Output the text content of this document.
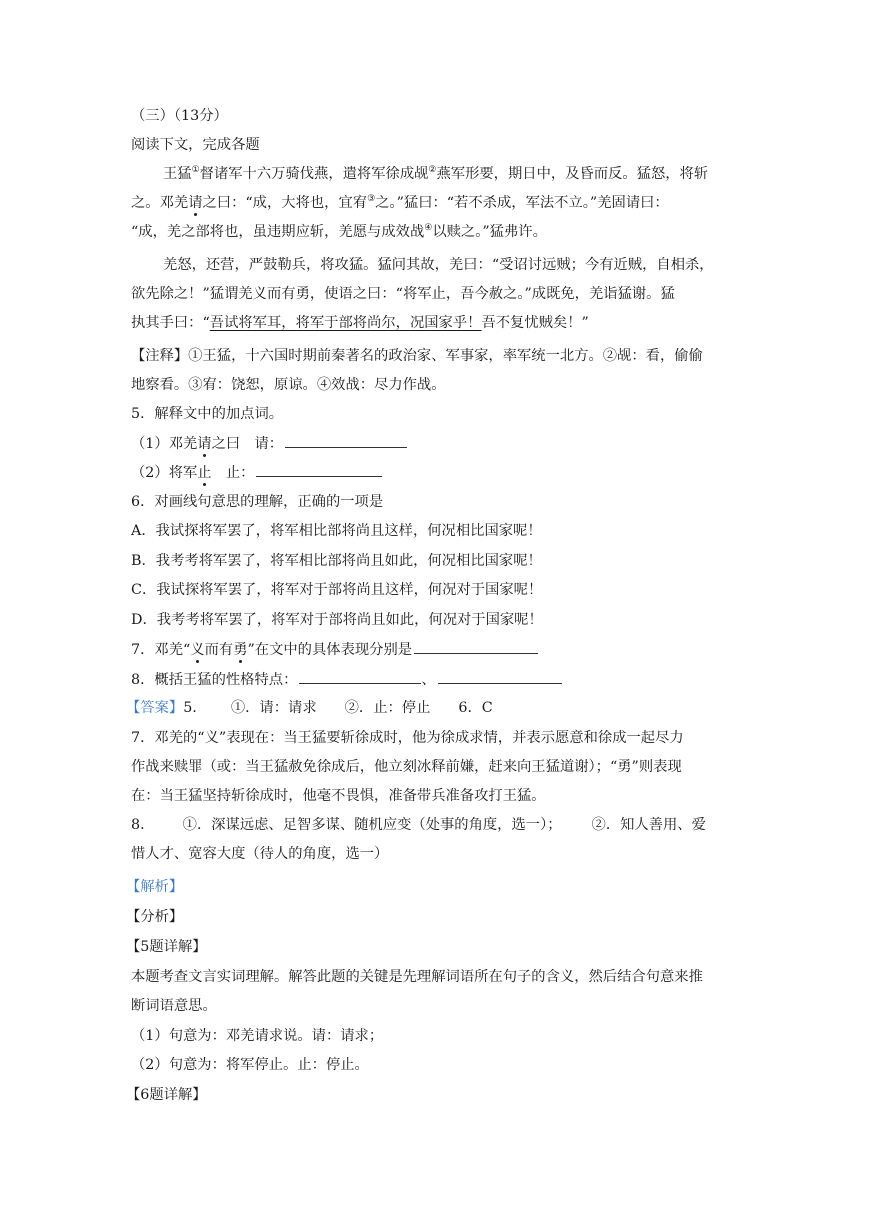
（三）（13分）
阅读下文，完成各题
王猛①督诸军十六万骑伐燕，遣将军徐成觇②燕军形要，期日中，及昏而反。猛怒，将斩
之。邓羌请之曰：“成，大将也，宜宥③之。”猛曰：“若不杀成，军法不立。”羌固请曰：
“成，羌之部将也，虽违期应斩，羌愿与成效战④以赎之。”猛弗许。
羌怒，还营，严鼓勒兵，将攻猛。猛问其故，羌曰：“受诏讨远贼；今有近贼，自相杀，
欲先除之！”猛谓羌义而有勇，使语之曰：“将军止，吾今赦之。”成既免，羌诣猛谢。猛
执其手曰：“吾试将军耳，将军于部将尚尔，况国家乎！吾不复忧贼矣！”
【注释】①王猛，十六国时期前秦著名的政治家、军事家，率军统一北方。②觇：看，偷偷
地察看。③宥：饶恕，原谅。④效战：尽力作战。
5．解释文中的加点词。
（1）邓羌请之曰　请：
（2）将军止　止：
6．对画线句意思的理解，正确的一项是
A．我试探将军罢了，将军相比部将尚且这样，何况相比国家呢！
B．我考考将军罢了，将军相比部将尚且如此，何况相比国家呢！
C．我试探将军罢了，将军对于部将尚且这样，何况对于国家呢！
D．我考考将军罢了，将军对于部将尚且如此，何况对于国家呢！
7．邓羌“义而有勇”在文中的具体表现分别是
8．概括王猛的性格特点：	、
【答案】5. ①．请：请求 ②．止：停止 6．C
7．邓羌的“义”表现在：当王猛要斩徐成时，他为徐成求情，并表示愿意和徐成一起尽力
作战来赎罪（或：当王猛赦免徐成后，他立刻冰释前嫌，赶来向王猛道谢）；“勇”则表现
在：当王猛坚持斩徐成时，他毫不畏惧，准备带兵准备攻打王猛。
8.	①．深谋远虑、足智多谋、随机应变（处事的角度，选一）； ②．知人善用、爱
惜人才、宽容大度（待人的角度，选一）
【解析】
【分析】
【5题详解】
本题考查文言实词理解。解答此题的关键是先理解词语所在句子的含义，然后结合句意来推
断词语意思。
（1）句意为：邓羌请求说。请：请求；
（2）句意为：将军停止。止：停止。
【6题详解】
